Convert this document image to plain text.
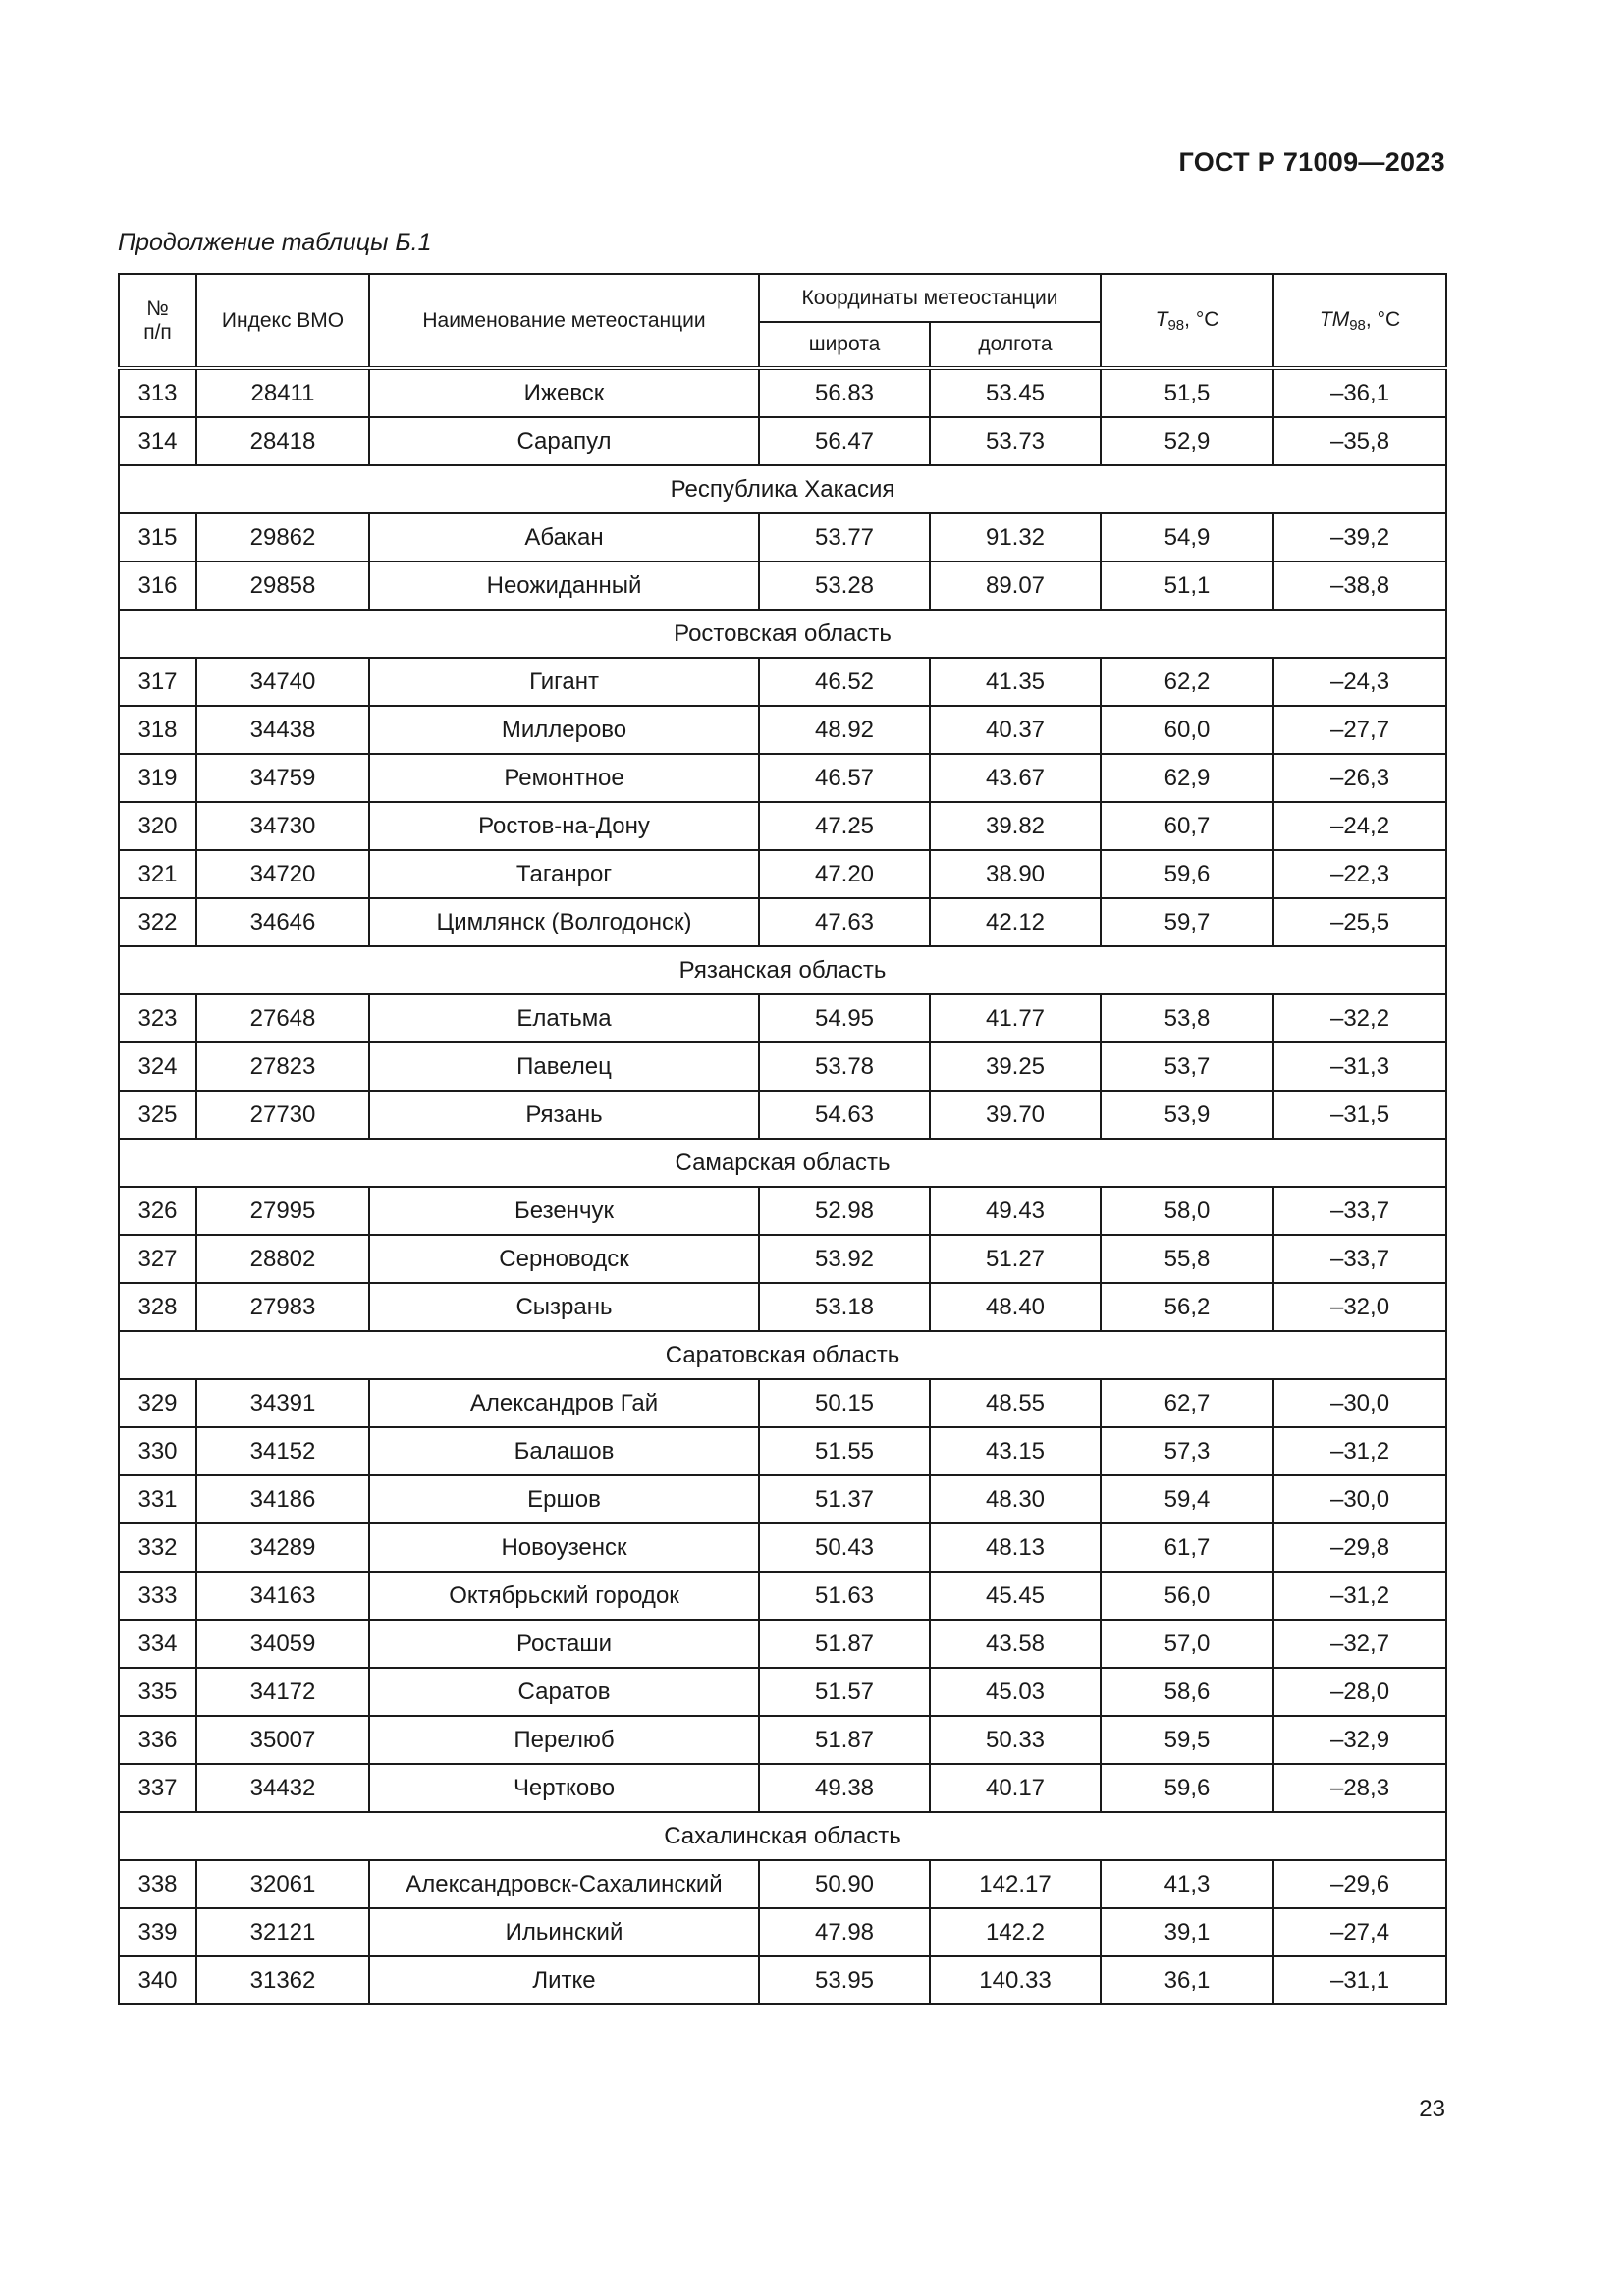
ГОСТ Р 71009—2023
Продолжение таблицы Б.1
№
п/п	Индекс ВМО	Наименование метеостанции	Координаты метеостанции		$T_{98}$, °C	$TM_{98}$, °C
			широта	долгота		
313	28411	Ижевск	56.83	53.45	51,5	–36,1
314	28418	Сарапул	56.47	53.73	52,9	–35,8
Республика Хакасия						
315	29862	Абакан	53.77	91.32	54,9	–39,2
316	29858	Неожиданный	53.28	89.07	51,1	–38,8
Ростовская область						
317	34740	Гигант	46.52	41.35	62,2	–24,3
318	34438	Миллерово	48.92	40.37	60,0	–27,7
319	34759	Ремонтное	46.57	43.67	62,9	–26,3
320	34730	Ростов-на-Дону	47.25	39.82	60,7	–24,2
321	34720	Таганрог	47.20	38.90	59,6	–22,3
322	34646	Цимлянск (Волгодонск)	47.63	42.12	59,7	–25,5
Рязанская область						
323	27648	Елатьма	54.95	41.77	53,8	–32,2
324	27823	Павелец	53.78	39.25	53,7	–31,3
325	27730	Рязань	54.63	39.70	53,9	–31,5
Самарская область						
326	27995	Безенчук	52.98	49.43	58,0	–33,7
327	28802	Серноводск	53.92	51.27	55,8	–33,7
328	27983	Сызрань	53.18	48.40	56,2	–32,0
Саратовская область						
329	34391	Александров Гай	50.15	48.55	62,7	–30,0
330	34152	Балашов	51.55	43.15	57,3	–31,2
331	34186	Ершов	51.37	48.30	59,4	–30,0
332	34289	Новоузенск	50.43	48.13	61,7	–29,8
333	34163	Октябрьский городок	51.63	45.45	56,0	–31,2
334	34059	Росташи	51.87	43.58	57,0	–32,7
335	34172	Саратов	51.57	45.03	58,6	–28,0
336	35007	Перелюб	51.87	50.33	59,5	–32,9
337	34432	Чертково	49.38	40.17	59,6	–28,3
Сахалинская область						
338	32061	Александровск-Сахалинский	50.90	142.17	41,3	–29,6
339	32121	Ильинский	47.98	142.2	39,1	–27,4
340	31362	Литке	53.95	140.33	36,1	–31,1
23
